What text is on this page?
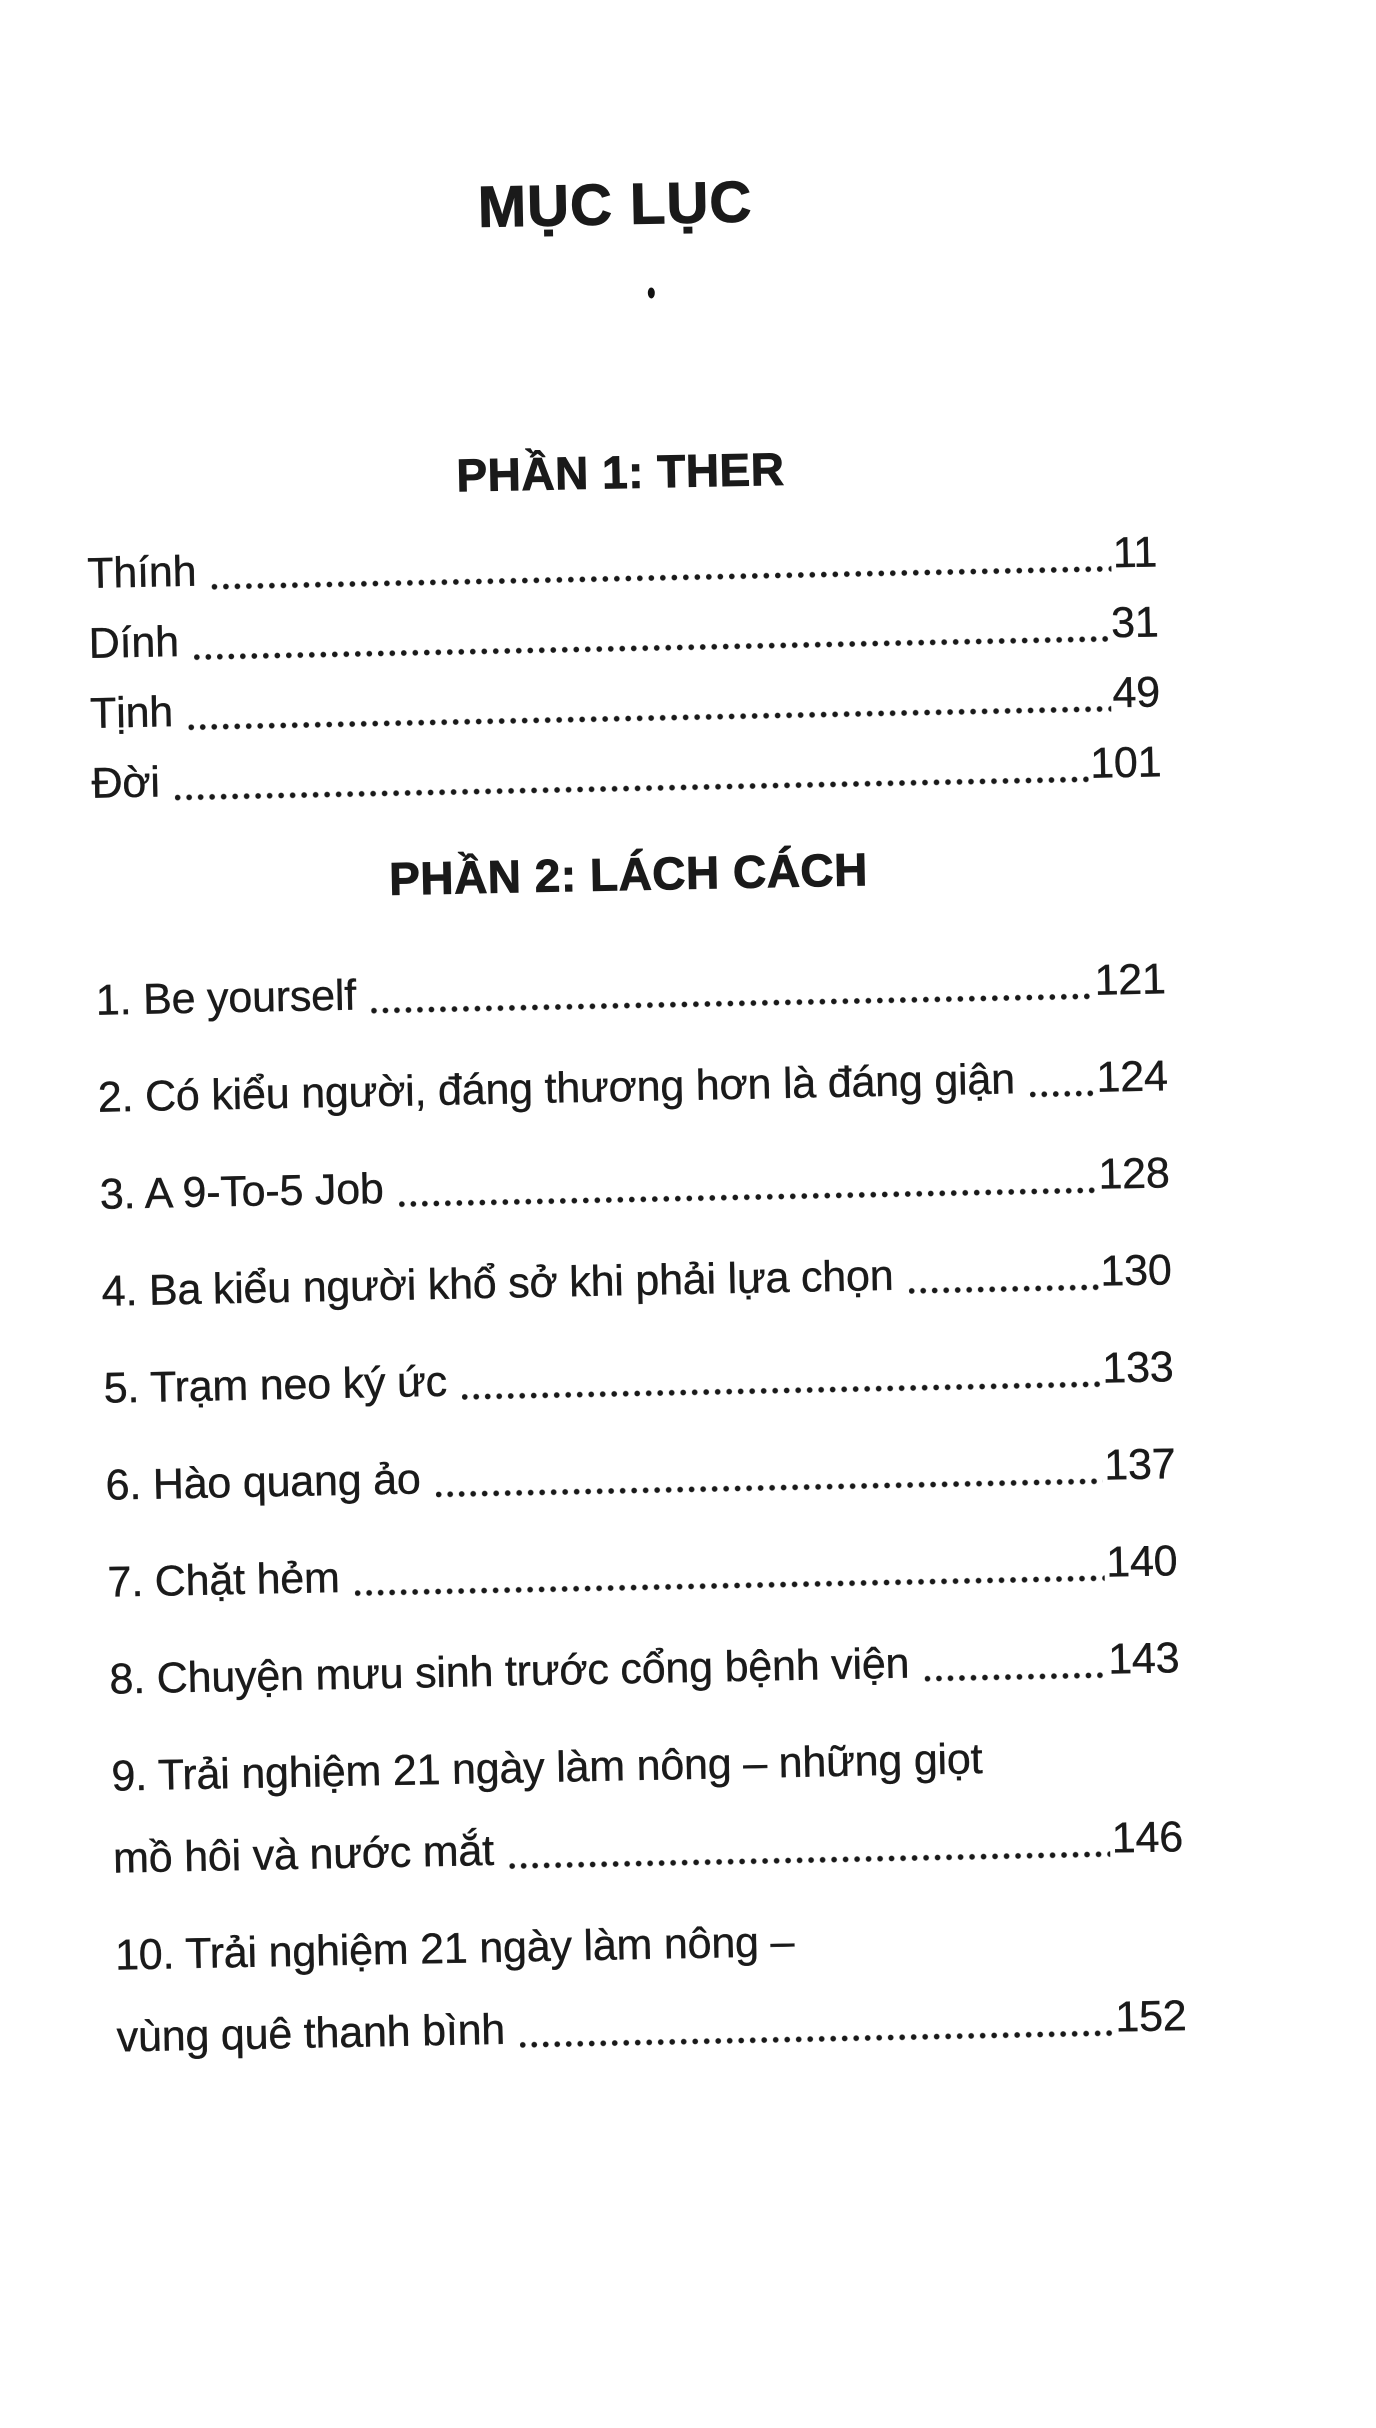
MỤC LỤC
PHẦN 1: THER
Thính	11
Dính	31
Tịnh	49
Đời	101
PHẦN 2: LÁCH CÁCH
1. Be yourself	121
2. Có kiểu người, đáng thương hơn là đáng giận 124
3. A 9-To-5 Job	128
4. Ba kiểu người khổ sở khi phải lựa chọn	130
5. Trạm neo ký ức	133
6. Hào quang ảo	137
7. Chặt hẻm	140
8. Chuyện mưu sinh trước cổng bệnh viện	143
9. Trải nghiệm 21 ngày làm nông – những giọt
mồ hôi và nước mắt	146
10. Trải nghiệm 21 ngày làm nông –
vùng quê thanh bình	152
